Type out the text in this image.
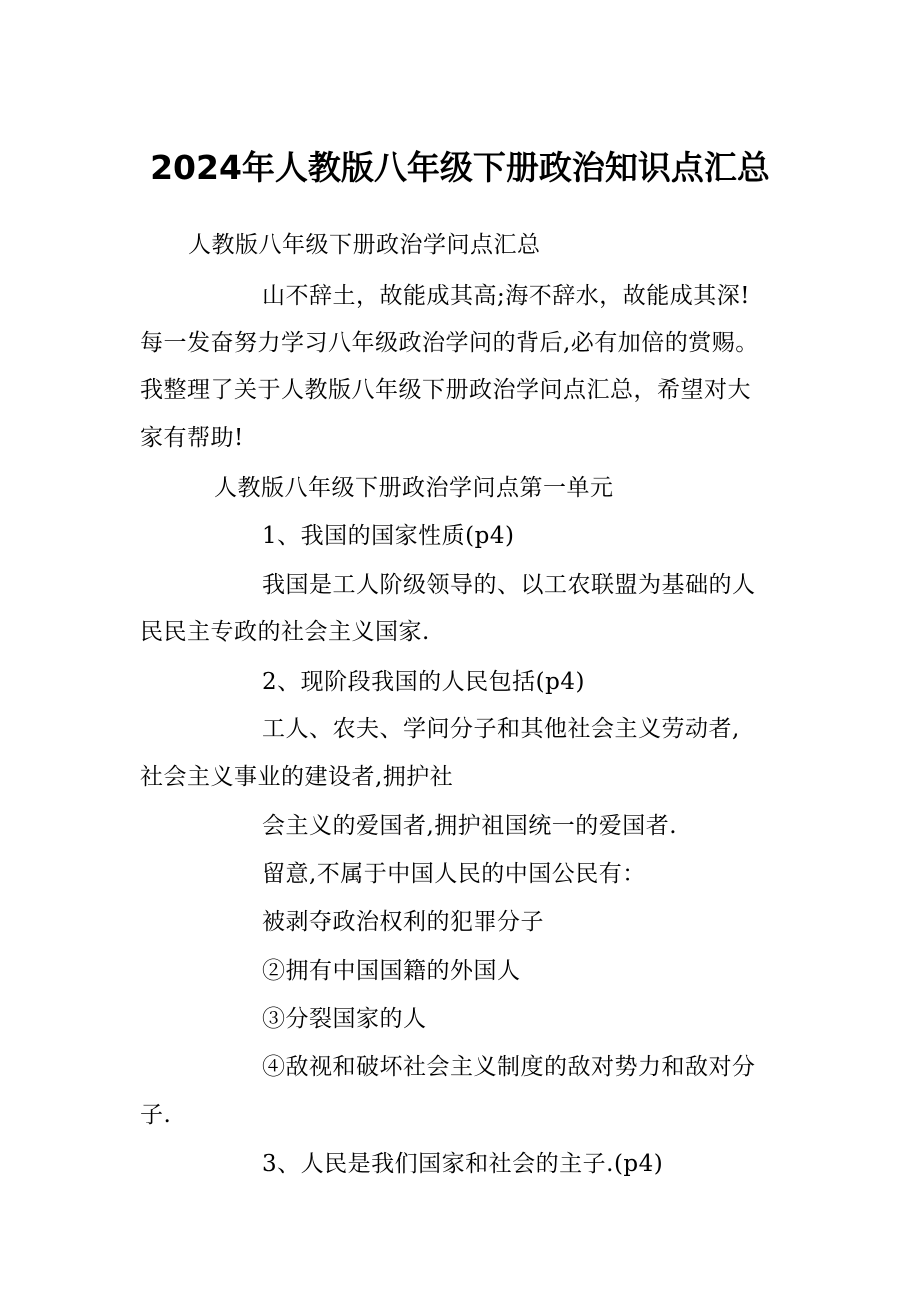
2024年人教版八年级下册政治知识点汇总
人教版八年级下册政治学问点汇总
山不辞土，故能成其高;海不辞水，故能成其深!
每一发奋努力学习八年级政治学问的背后,必有加倍的赏赐。
我整理了关于人教版八年级下册政治学问点汇总，希望对大
家有帮助!
人教版八年级下册政治学问点第一单元
1、我国的国家性质(p4)
我国是工人阶级领导的、以工农联盟为基础的人
民民主专政的社会主义国家.
2、现阶段我国的人民包括(p4)
工人、农夫、学问分子和其他社会主义劳动者,
社会主义事业的建设者,拥护社
会主义的爱国者,拥护祖国统一的爱国者.
留意,不属于中国人民的中国公民有：
被剥夺政治权利的犯罪分子
②拥有中国国籍的外国人
③分裂国家的人
④敌视和破坏社会主义制度的敌对势力和敌对分
子.
3、人民是我们国家和社会的主子.(p4)
